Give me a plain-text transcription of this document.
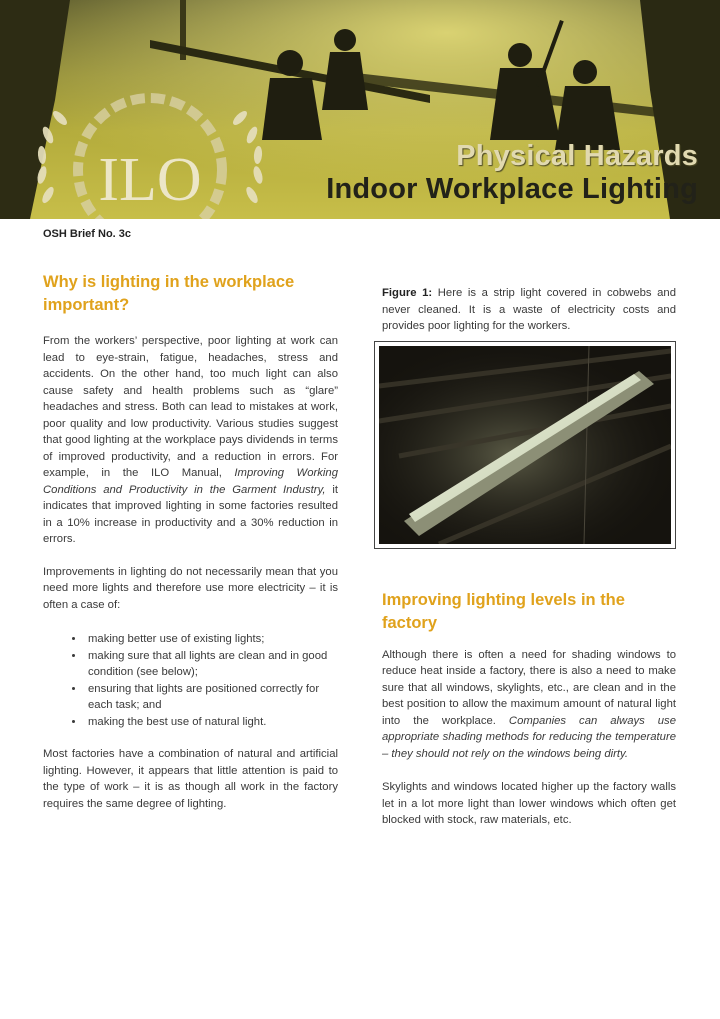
ILO	Physical Hazards
Indoor Workplace Lighting
OSH Brief No. 3c
Why is lighting in the workplace important?

From the workers’ perspective, poor lighting at work can lead to eye-strain, fatigue, headaches, stress and accidents. On the other hand, too much light can also cause safety and health problems such as “glare” headaches and stress. Both can lead to mistakes at work, poor quality and low productivity. Various studies suggest that good lighting at the workplace pays dividends in terms of improved productivity, and a reduction in errors. For example, in the ILO Manual, Improving Working Conditions and Productivity in the Garment Industry, it indicates that improved lighting in some factories resulted in a 10% increase in productivity and a 30% reduction in errors.

Improvements in lighting do not necessarily mean that you need more lights and therefore use more electricity – it is often a case of:

• making better use of existing lights;
• making sure that all lights are clean and in good condition (see below);
• ensuring that lights are positioned correctly for each task; and
• making the best use of natural light.

Most factories have a combination of natural and artificial lighting. However, it appears that little attention is paid to the type of work – it is as though all work in the factory requires the same degree of lighting.

Figure 1: Here is a strip light covered in cobwebs and never cleaned. It is a waste of electricity costs and provides poor lighting for the workers.

Improving lighting levels in the factory

Although there is often a need for shading windows to reduce heat inside a factory, there is also a need to make sure that all windows, skylights, etc., are clean and in the best position to allow the maximum amount of natural light into the workplace. Companies can always use appropriate shading methods for reducing the temperature – they should not rely on the windows being dirty.

Skylights and windows located higher up the factory walls let in a lot more light than lower windows which often get blocked with stock, raw materials, etc.
